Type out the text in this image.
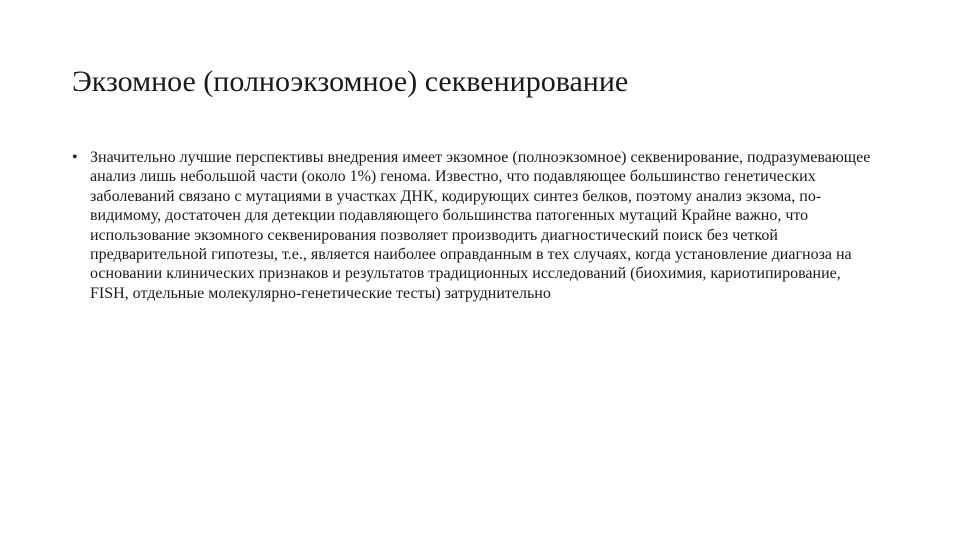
Экзомное (полноэкзомное) секвенирование
• Значительно лучшие перспективы внедрения имеет экзомное (полноэкзомное) секвенирование, подразумевающее анализ лишь небольшой части (около 1%) генома. Известно, что подавляющее большинство генетических заболеваний связано с мутациями в участках ДНК, кодирующих синтез белков, поэтому анализ экзома, по-видимому, достаточен для детекции подавляющего большинства патогенных мутаций Крайне важно, что использование экзомного секвенирования позволяет производить диагностический поиск без четкой предварительной гипотезы, т.е., является наиболее оправданным в тех случаях, когда установление диагноза на основании клинических признаков и результатов традиционных исследований (биохимия, кариотипирование, FISH, отдельные молекулярно-генетические тесты) затруднительно
